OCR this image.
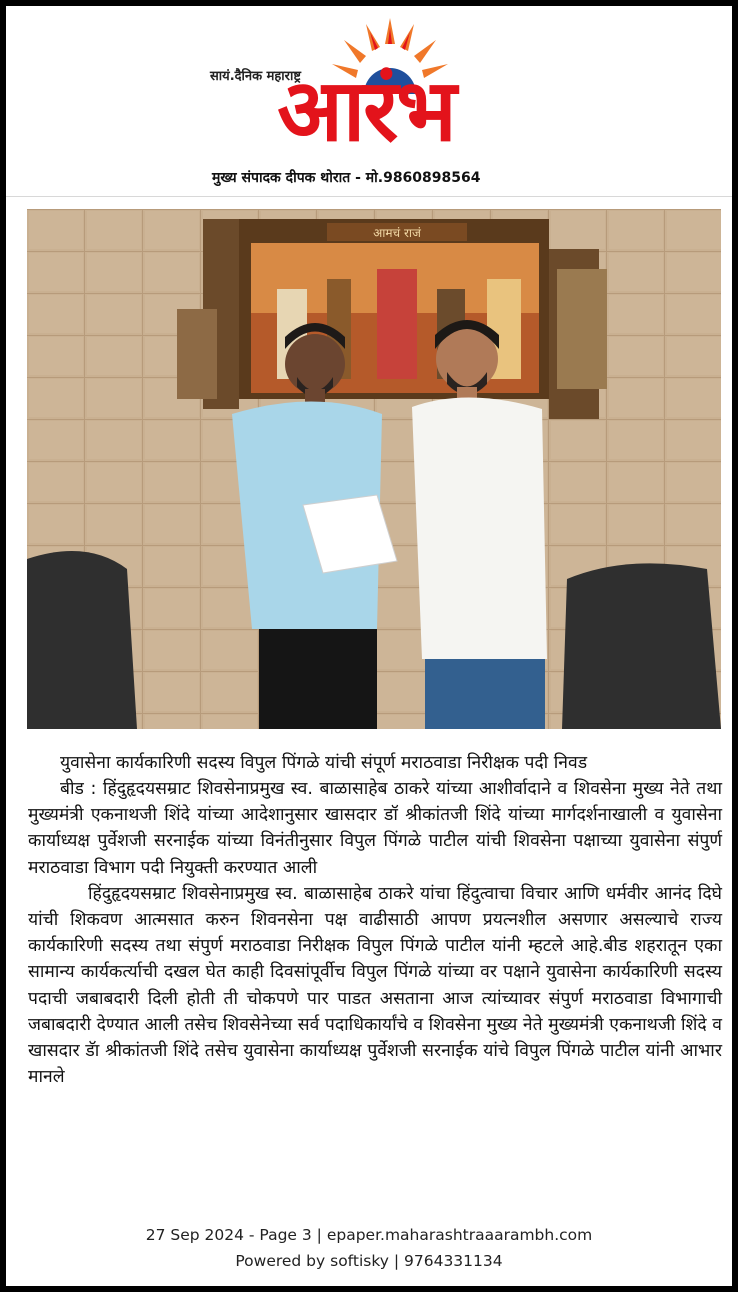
सायं.दैनिक महाराष्ट्र
आरंभ
मुख्य संपादक दीपक थोरात - मो.9860898564
आमचं राजं

युवासेना कार्यकारिणी सदस्य विपुल पिंगळे यांची संपूर्ण मराठवाडा निरीक्षक पदी निवड

बीड : हिंदुहृदयसम्राट शिवसेनाप्रमुख स्व. बाळासाहेब ठाकरे यांच्या आशीर्वादाने व शिवसेना मुख्य नेते तथा मुख्यमंत्री एकनाथजी शिंदे यांच्या आदेशानुसार खासदार डॉ श्रीकांतजी शिंदे यांच्या मार्गदर्शनाखाली व युवासेना कार्याध्यक्ष पुर्वेशजी सरनाईक यांच्या विनंतीनुसार विपुल पिंगळे पाटील यांची शिवसेना पक्षाच्या युवासेना संपुर्ण मराठवाडा विभाग पदी नियुक्ती करण्यात आली

हिंदुहृदयसम्राट शिवसेनाप्रमुख स्व. बाळासाहेब ठाकरे यांचा हिंदुत्वाचा विचार आणि धर्मवीर आनंद दिघे यांची शिकवण आत्मसात करुन शिवनसेना पक्ष वाढीसाठी आपण प्रयत्नशील असणार असल्याचे राज्य कार्यकारिणी सदस्य तथा संपुर्ण मराठवाडा निरीक्षक विपुल पिंगळे पाटील यांनी म्हटले आहे.बीड शहरातून एका सामान्य कार्यकर्त्याची दखल घेत काही दिवसांपूर्वीच विपुल पिंगळे यांच्या वर पक्षाने युवासेना कार्यकारिणी सदस्य पदाची जबाबदारी दिली होती ती चोकपणे पार पाडत असताना आज त्यांच्यावर संपुर्ण मराठवाडा विभागाची जबाबदारी देण्यात आली तसेच शिवसेनेच्या सर्व पदाधिकार्यांचे व शिवसेना मुख्य नेते मुख्यमंत्री एकनाथजी शिंदे व खासदार डॅा श्रीकांतजी शिंदे तसेच युवासेना कार्याध्यक्ष पुर्वेशजी सरनाईक यांचे विपुल पिंगळे पाटील यांनी आभार मानले

27 Sep 2024 - Page 3 | epaper.maharashtraaarambh.com
Powered by softisky | 9764331134
